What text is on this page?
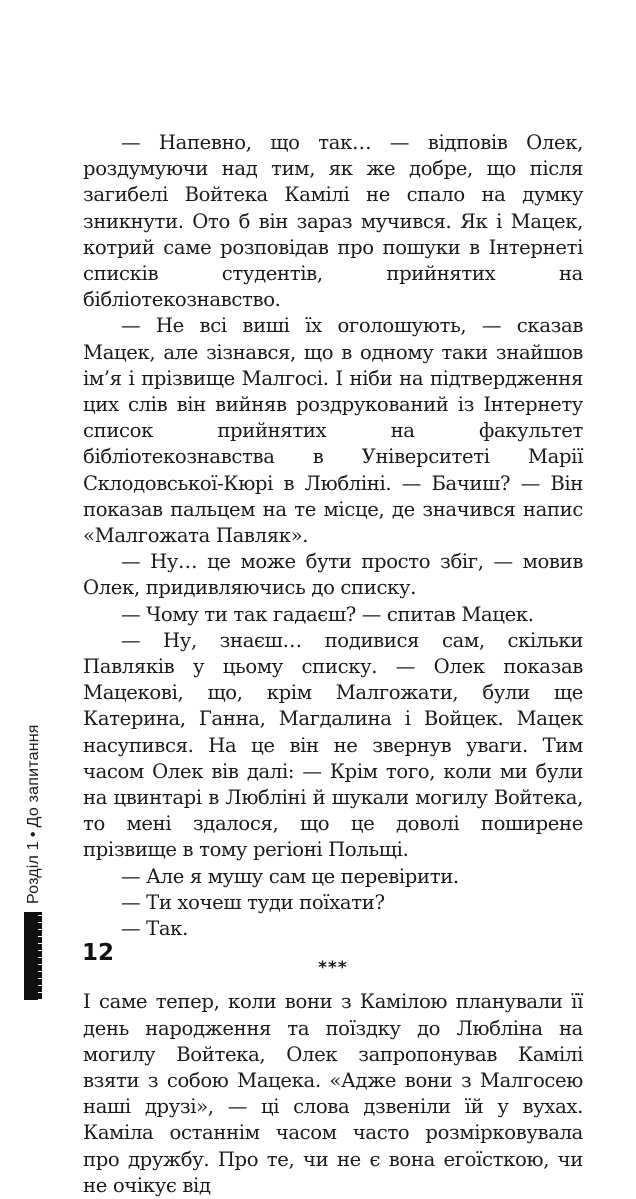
— Напевно, що так… — відповів Олек, роздумуючи над тим, як же добре, що після загибелі Войтека Камілі не спало на думку зникнути. Ото б він зараз мучився. Як і Мацек, котрий саме розповідав про пошуки в Інтернеті списків студентів, прийнятих на бібліотекознавство.

— Не всі виші їх оголошують, — сказав Мацек, але зізнався, що в одному таки знайшов ім’я і прізвище Малгосі. І ніби на підтвердження цих слів він вийняв роздрукований із Інтернету список прийнятих на факультет бібліотекознавства в Університеті Марії Склодовської-Кюрі в Любліні. — Бачиш? — Він показав пальцем на те місце, де значився напис «Малгожата Павляк».

— Ну… це може бути просто збіг, — мовив Олек, придивляючись до списку.

— Чому ти так гадаєш? — спитав Мацек.

— Ну, знаєш… подивися сам, скільки Павляків у цьому списку. — Олек показав Мацекові, що, крім Малгожати, були ще Катерина, Ганна, Магдалина і Войцек. Мацек насупився. На це він не звернув уваги. Тим часом Олек вів далі: — Крім того, коли ми були на цвинтарі в Любліні й шукали могилу Войтека, то мені здалося, що це доволі поширене прізвище в тому регіоні Польщі.

— Але я мушу сам це перевірити.

— Ти хочеш туди поїхати?

— Так.

***

І саме тепер, коли вони з Камілою планували її день народження та поїздку до Любліна на могилу Войтека, Олек запропонував Камілі взяти з собою Мацека. «Адже вони з Малгосею наші друзі», — ці слова дзвеніли їй у вухах. Каміла останнім часом часто розмірковувала про дружбу. Про те, чи не є вона егоїсткою, чи не очікує від

Розділ 1•До запитання
12
